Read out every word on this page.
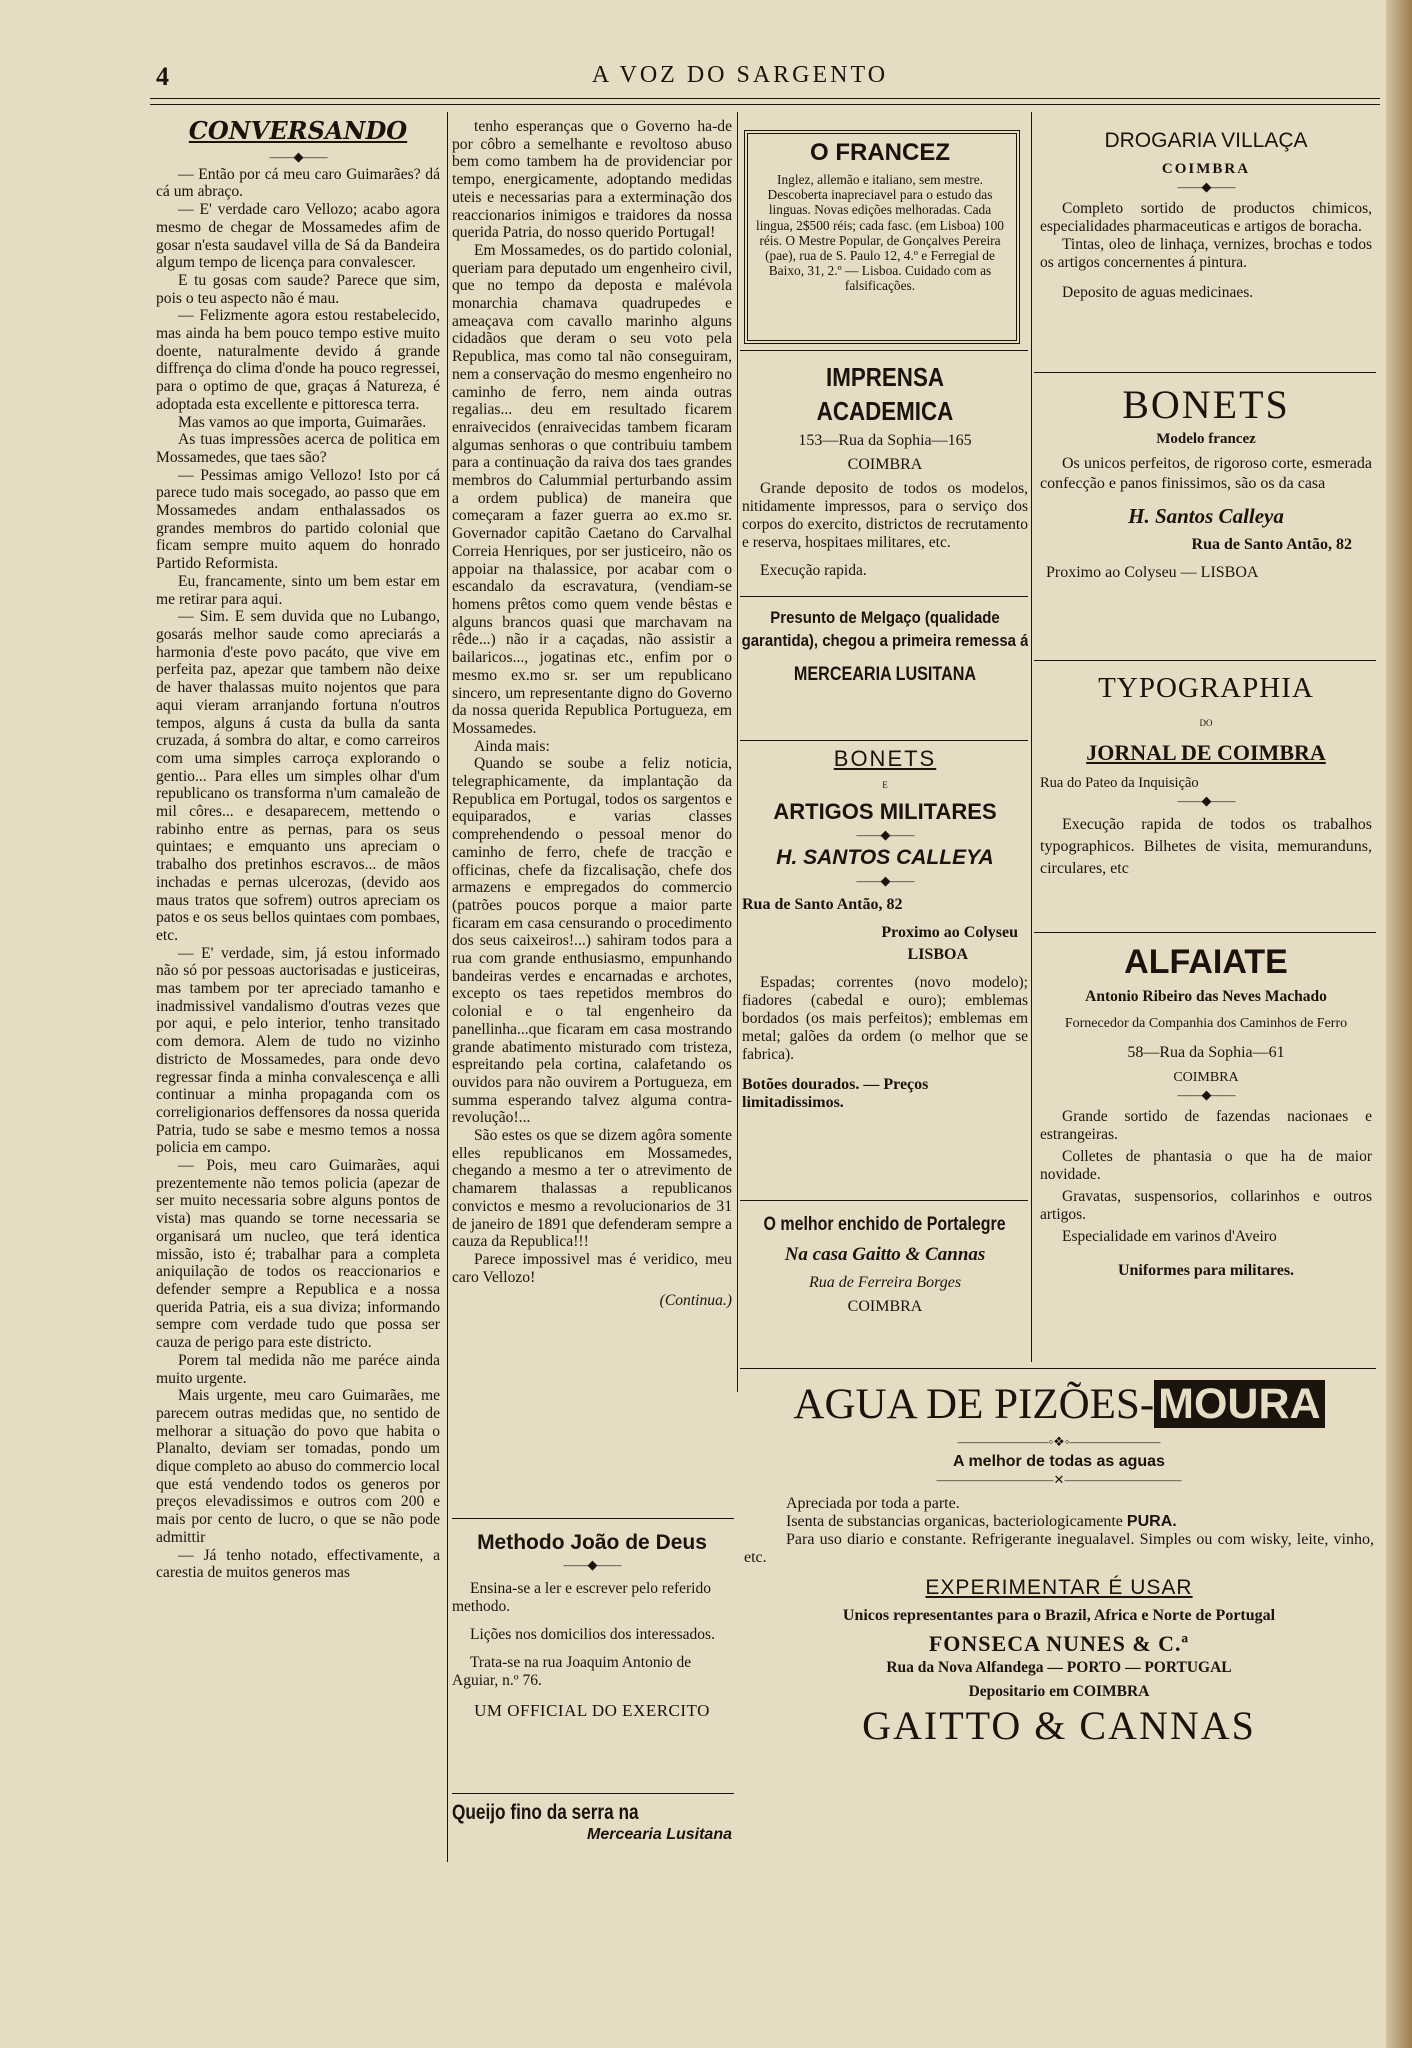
4	A VOZ DO SARGENTO
CONVERSANDO
——◆——

— Então por cá meu caro Guimarães? dá cá um abraço.

— E' verdade caro Vellozo; acabo agora mesmo de chegar de Mossamedes afim de gosar n'esta saudavel villa de Sá da Bandeira algum tempo de licença para convalescer.

E tu gosas com saude? Parece que sim, pois o teu aspecto não é mau.

— Felizmente agora estou restabelecido, mas ainda ha bem pouco tempo estive muito doente, naturalmente devido á grande diffrença do clima d'onde ha pouco regressei, para o optimo de que, graças á Natureza, é adoptada esta excellente e pittoresca terra.

Mas vamos ao que importa, Guimarães.

As tuas impressões acerca de politica em Mossamedes, que taes são?

— Pessimas amigo Vellozo! Isto por cá parece tudo mais socegado, ao passo que em Mossamedes andam enthalassados os grandes membros do partido colonial que ficam sempre muito aquem do honrado Partido Reformista.

Eu, francamente, sinto um bem estar em me retirar para aqui.

— Sim. E sem duvida que no Lubango, gosarás melhor saude como apreciarás a harmonia d'este povo pacáto, que vive em perfeita paz, apezar que tambem não deixe de haver thalassas muito nojentos que para aqui vieram arranjando fortuna n'outros tempos, alguns á custa da bulla da santa cruzada, á sombra do altar, e como carreiros com uma simples carroça explorando o gentio... Para elles um simples olhar d'um republicano os transforma n'um camaleão de mil côres... e desaparecem, mettendo o rabinho entre as pernas, para os seus quintaes; e emquanto uns apreciam o trabalho dos pretinhos escravos... de mãos inchadas e pernas ulcerozas, (devido aos maus tratos que sofrem) outros apreciam os patos e os seus bellos quintaes com pombaes, etc.

— E' verdade, sim, já estou informado não só por pessoas auctorisadas e justiceiras, mas tambem por ter apreciado tamanho e inadmissivel vandalismo d'outras vezes que por aqui, e pelo interior, tenho transitado com demora. Alem de tudo no vizinho districto de Mossamedes, para onde devo regressar finda a minha convalescença e alli continuar a minha propaganda com os correligionarios deffensores da nossa querida Patria, tudo se sabe e mesmo temos a nossa policia em campo.

— Pois, meu caro Guimarães, aqui prezentemente não temos policia (apezar de ser muito necessaria sobre alguns pontos de vista) mas quando se torne necessaria se organisará um nucleo, que terá identica missão, isto é; trabalhar para a completa aniquilação de todos os reaccionarios e defender sempre a Republica e a nossa querida Patria, eis a sua diviza; informando sempre com verdade tudo que possa ser cauza de perigo para este districto.

Porem tal medida não me paréce ainda muito urgente.

Mais urgente, meu caro Guimarães, me parecem outras medidas que, no sentido de melhorar a situação do povo que habita o Planalto, deviam ser tomadas, pondo um dique completo ao abuso do commercio local que está vendendo todos os generos por preços elevadissimos e outros com 200 e mais por cento de lucro, o que se não pode admittir

— Já tenho notado, effectivamente, a carestia de muitos generos mas

tenho esperanças que o Governo ha-de por côbro a semelhante e revoltoso abuso bem como tambem ha de providenciar por tempo, energicamente, adoptando medidas uteis e necessarias para a exterminação dos reaccionarios inimigos e traidores da nossa querida Patria, do nosso querido Portugal!

Em Mossamedes, os do partido colonial, queriam para deputado um engenheiro civil, que no tempo da deposta e malévola monarchia chamava quadrupedes e ameaçava com cavallo marinho alguns cidadãos que deram o seu voto pela Republica, mas como tal não conseguiram, nem a conservação do mesmo engenheiro no caminho de ferro, nem ainda outras regalias... deu em resultado ficarem enraivecidos (enraivecidas tambem ficaram algumas senhoras o que contribuiu tambem para a continuação da raiva dos taes grandes membros do Calummial perturbando assim a ordem publica) de maneira que começaram a fazer guerra ao ex.mo sr. Governador capitão Caetano do Carvalhal Correia Henriques, por ser justiceiro, não os appoiar na thalassice, por acabar com o escandalo da escravatura, (vendiam-se homens prêtos como quem vende bêstas e alguns brancos quasi que marchavam na rêde...) não ir a caçadas, não assistir a bailaricos..., jogatinas etc., enfim por o mesmo ex.mo sr. ser um republicano sincero, um representante digno do Governo da nossa querida Republica Portugueza, em Mossamedes.

Ainda mais:

Quando se soube a feliz noticia, telegraphicamente, da implantação da Republica em Portugal, todos os sargentos e equiparados, e varias classes comprehendendo o pessoal menor do caminho de ferro, chefe de tracção e officinas, chefe da fizcalisação, chefe dos armazens e empregados do commercio (patrões poucos porque a maior parte ficaram em casa censurando o procedimento dos seus caixeiros!...) sahiram todos para a rua com grande enthusiasmo, empunhando bandeiras verdes e encarnadas e archotes, excepto os taes repetidos membros do colonial e o tal engenheiro da panellinha...que ficaram em casa mostrando grande abatimento misturado com tristeza, espreitando pela cortina, calafetando os ouvidos para não ouvirem a Portugueza, em summa esperando talvez alguma contra-revolução!...

São estes os que se dizem agôra somente elles republicanos em Mossamedes, chegando a mesmo a ter o atrevimento de chamarem thalassas a republicanos convictos e mesmo a revolucionarios de 31 de janeiro de 1891 que defenderam sempre a cauza da Republica!!!

Parece impossivel mas é veridico, meu caro Vellozo!

(Continua.)
Methodo João de Deus
——◆——

Ensina-se a ler e escrever pelo referido methodo.

Lições nos domicilios dos interessados.

Trata-se na rua Joaquim Antonio de Aguiar, n.º 76.

UM OFFICIAL DO EXERCITO
Queijo fino da serra na
Mercearia Lusitana
O FRANCEZ
Inglez, allemão e italiano, sem mestre. Descoberta inapreciavel para o estudo das linguas. Novas edições melhoradas. Cada lingua, 2$500 réis; cada fasc. (em Lisboa) 100 réis. O Mestre Popular, de Gonçalves Pereira (pae), rua de S. Paulo 12, 4.º e Ferregial de Baixo, 31, 2.º — Lisboa. Cuidado com as falsificações.
IMPRENSA ACADEMICA
153—Rua da Sophia—165
COIMBRA

Grande deposito de todos os modelos, nitidamente impressos, para o serviço dos corpos do exercito, districtos de recrutamento e reserva, hospitaes militares, etc.

Execução rapida.

Presunto de Melgaço (qualidade garantida), chegou a primeira remessa á
MERCEARIA LUSITANA
BONETS
E
ARTIGOS MILITARES
——◆——
H. SANTOS CALLEYA
——◆——
Rua de Santo Antão, 82
Proximo ao Colyseu
LISBOA

Espadas; correntes (novo modelo); fiadores (cabedal e ouro); emblemas bordados (os mais perfeitos); emblemas em metal; galões da ordem (o melhor que se fabrica).

Botões dourados. — Preços limitadissimos.
O melhor enchido de Portalegre
Na casa Gaitto & Cannas
Rua de Ferreira Borges
COIMBRA
DROGARIA VILLAÇA
COIMBRA
——◆——

Completo sortido de productos chimicos, especialidades pharmaceuticas e artigos de boracha.

Tintas, oleo de linhaça, vernizes, brochas e todos os artigos concernentes á pintura.

Deposito de aguas medicinaes.

BONETS
Modelo francez

Os unicos perfeitos, de rigoroso corte, esmerada confecção e panos finissimos, são os da casa

H. Santos Calleya
Rua de Santo Antão, 82
Proximo ao Colyseu — LISBOA
TYPOGRAPHIA
DO
JORNAL DE COIMBRA
Rua do Pateo da Inquisição
——◆——

Execução rapida de todos os trabalhos typographicos. Bilhetes de visita, memuranduns, circulares, etc

ALFAIATE
Antonio Ribeiro das Neves Machado
Fornecedor da Companhia dos Caminhos de Ferro
58—Rua da Sophia—61
COIMBRA
——◆——

Grande sortido de fazendas nacionaes e estrangeiras.

Colletes de phantasia o que ha de maior novidade.

Gravatas, suspensorios, collarinhos e outros artigos.

Especialidade em varinos d'Aveiro

Uniformes para militares.
AGUA DE PIZÕES-MOURA
———————◦❖◦———————
A melhor de todas as aguas
—————————✕—————————
Apreciada por toda a parte.
Isenta de substancias organicas, bacteriologicamente PURA.
Para uso diario e constante. Refrigerante inegualavel. Simples ou com wisky, leite, vinho, etc.
EXPERIMENTAR É USAR
Unicos representantes para o Brazil, Africa e Norte de Portugal
FONSECA NUNES & C.ª
Rua da Nova Alfandega — PORTO — PORTUGAL
Depositario em COIMBRA
GAITTO & CANNAS
